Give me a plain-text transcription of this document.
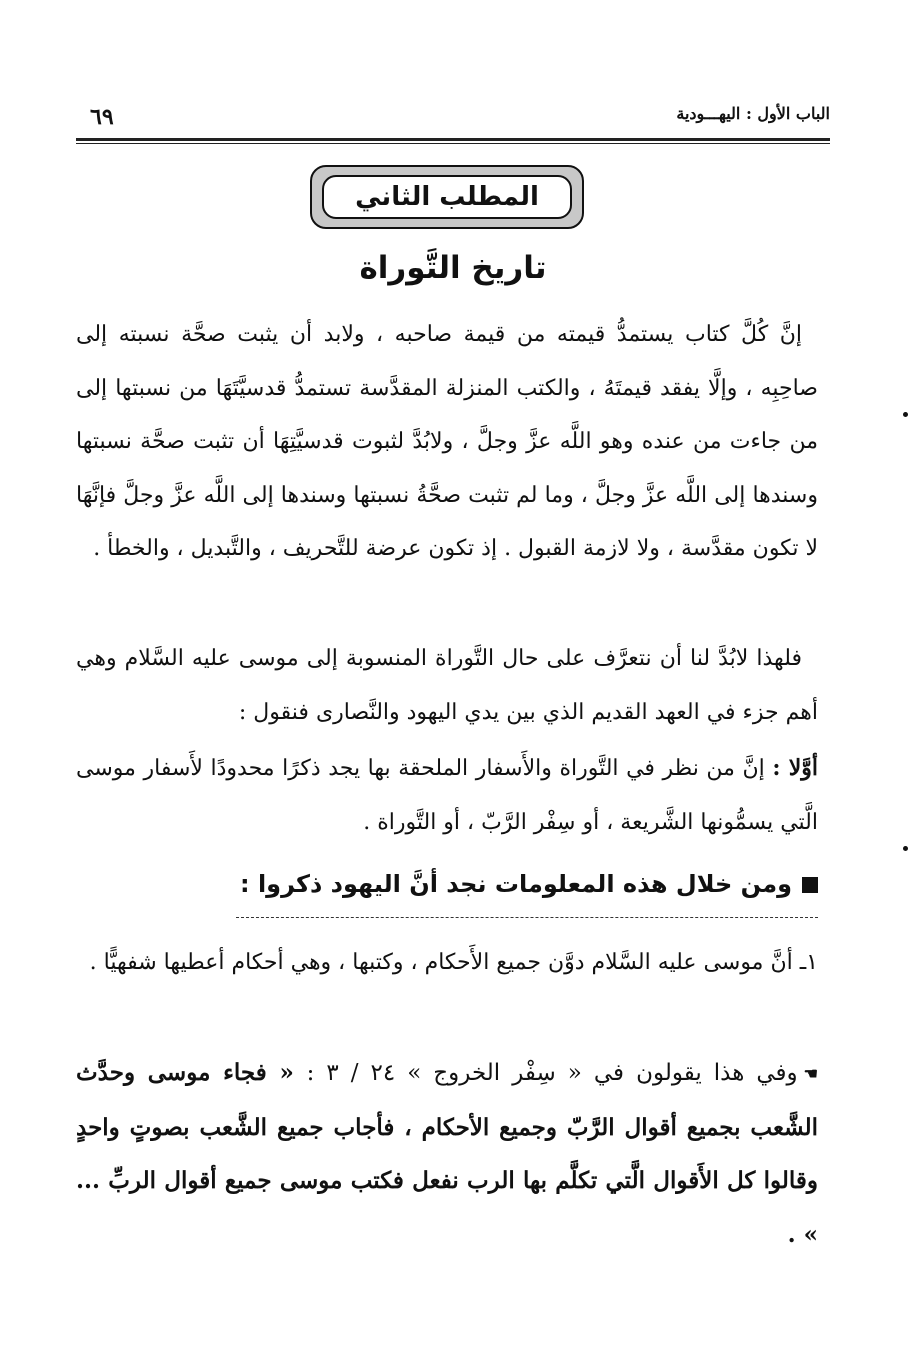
الباب الأول : اليهـــودية
٦٩
المطلب الثاني
تاريخ التَّوراة

إنَّ كُلَّ كتاب يستمدُّ قيمته من قيمة صاحبه ، ولابد أن يثبت صحَّة نسبته إلى صاحِبِه ، وإلَّا يفقد قيمتَهُ ، والكتب المنزلة المقدَّسة تستمدُّ قدسيَّتَهَا من نسبتها إلى من جاءت من عنده وهو اللَّه عزَّ وجلَّ ، ولابُدَّ لثبوت قدسيَّتِهَا أن تثبت صحَّة نسبتها وسندها إلى اللَّه عزَّ وجلَّ ، وما لم تثبت صحَّةُ نسبتها وسندها إلى اللَّه عزَّ وجلَّ فإنَّهَا لا تكون مقدَّسة ، ولا لازمة القبول . إذ تكون عرضة للتَّحريف ، والتَّبديل ، والخطأ .

فلهذا لابُدَّ لنا أن نتعرَّف على حال التَّوراة المنسوبة إلى موسى عليه السَّلام وهي أهم جزء في العهد القديم الذي بين يدي اليهود والنَّصارى فنقول :

أوَّلا : إنَّ من نظر في التَّوراة والأَسفار الملحقة بها يجد ذكرًا محدودًا لأَسفار موسى الَّتي يسمُّونها الشَّريعة ، أو سِفْر الرَّبّ ، أو التَّوراة .

ومن خلال هذه المعلومات نجد أنَّ اليهود ذكروا :

١ـ أنَّ موسى عليه السَّلام دوَّن جميع الأَحكام ، وكتبها ، وهي أحكام أعطيها شفهيًّا .

☚وفي هذا يقولون في « سِفْر الخروج » ٢٤ / ٣ : « فجاء موسى وحدَّث الشَّعب بجميع أقوال الرَّبّ وجميع الأحكام ، فأجاب جميع الشَّعب بصوتٍ واحدٍ وقالوا كل الأَقوال الَّتي تكلَّم بها الرب نفعل فكتب موسى جميع أقوال الربِّ ... » .
